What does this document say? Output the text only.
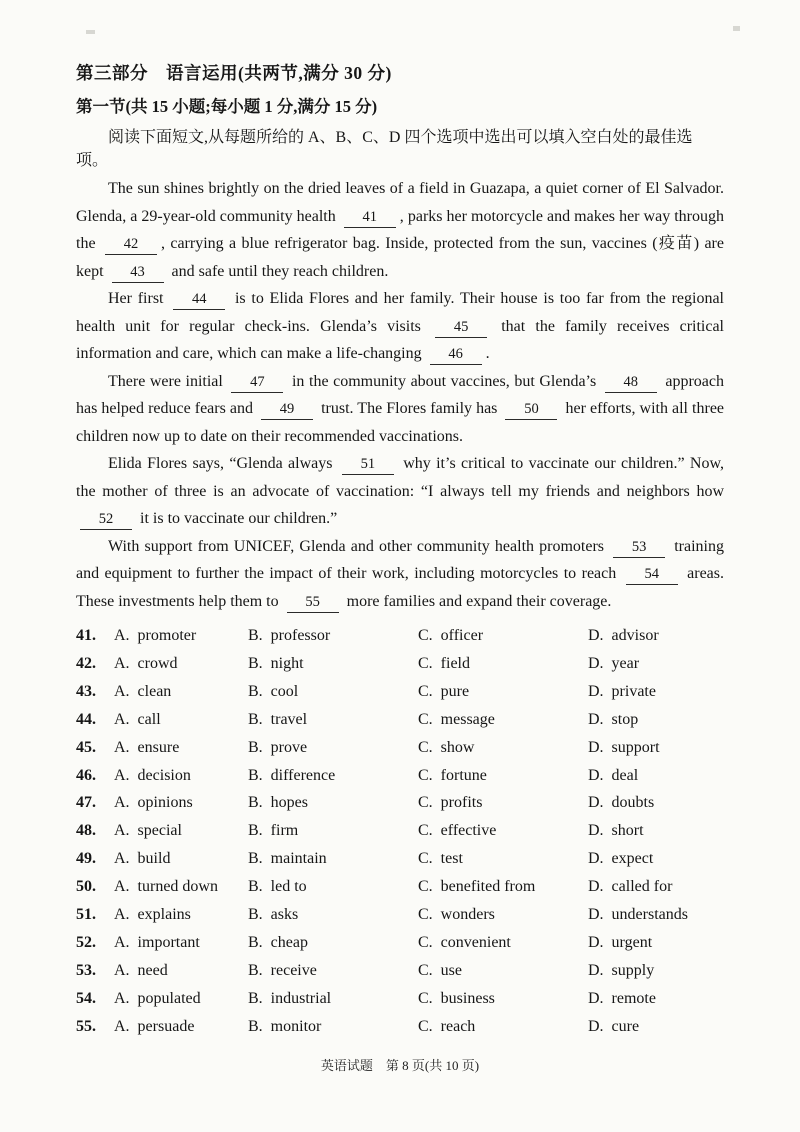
第三部分　语言运用(共两节,满分 30 分)
第一节(共 15 小题;每小题 1 分,满分 15 分)

阅读下面短文,从每题所给的 A、B、C、D 四个选项中选出可以填入空白处的最佳选项。

The sun shines brightly on the dried leaves of a field in Guazapa, a quiet corner of El Salvador. Glenda, a 29-year-old community health 41 , parks her motorcycle and makes her way through the 42 , carrying a blue refrigerator bag. Inside, protected from the sun, vaccines (疫苗) are kept 43 and safe until they reach children.

Her first 44 is to Elida Flores and her family. Their house is too far from the regional health unit for regular check-ins. Glenda’s visits 45 that the family receives critical information and care, which can make a life-changing 46 .

There were initial 47 in the community about vaccines, but Glenda’s 48 approach has helped reduce fears and 49 trust. The Flores family has 50 her efforts, with all three children now up to date on their recommended vaccinations.

Elida Flores says, “Glenda always 51 why it’s critical to vaccinate our children.” Now, the mother of three is an advocate of vaccination: “I always tell my friends and neighbors how 52 it is to vaccinate our children.”

With support from UNICEF, Glenda and other community health promoters 53 training and equipment to further the impact of their work, including motorcycles to reach 54 areas. These investments help them to 55 more families and expand their coverage.

41.	A. promoter	B. professor	C. officer	D. advisor
42.	A. crowd	B. night	C. field	D. year
43.	A. clean	B. cool	C. pure	D. private
44.	A. call	B. travel	C. message	D. stop
45.	A. ensure	B. prove	C. show	D. support
46.	A. decision	B. difference	C. fortune	D. deal
47.	A. opinions	B. hopes	C. profits	D. doubts
48.	A. special	B. firm	C. effective	D. short
49.	A. build	B. maintain	C. test	D. expect
50.	A. turned down	B. led to	C. benefited from	D. called for
51.	A. explains	B. asks	C. wonders	D. understands
52.	A. important	B. cheap	C. convenient	D. urgent
53.	A. need	B. receive	C. use	D. supply
54.	A. populated	B. industrial	C. business	D. remote
55.	A. persuade	B. monitor	C. reach	D. cure
英语试题　第 8 页(共 10 页)
